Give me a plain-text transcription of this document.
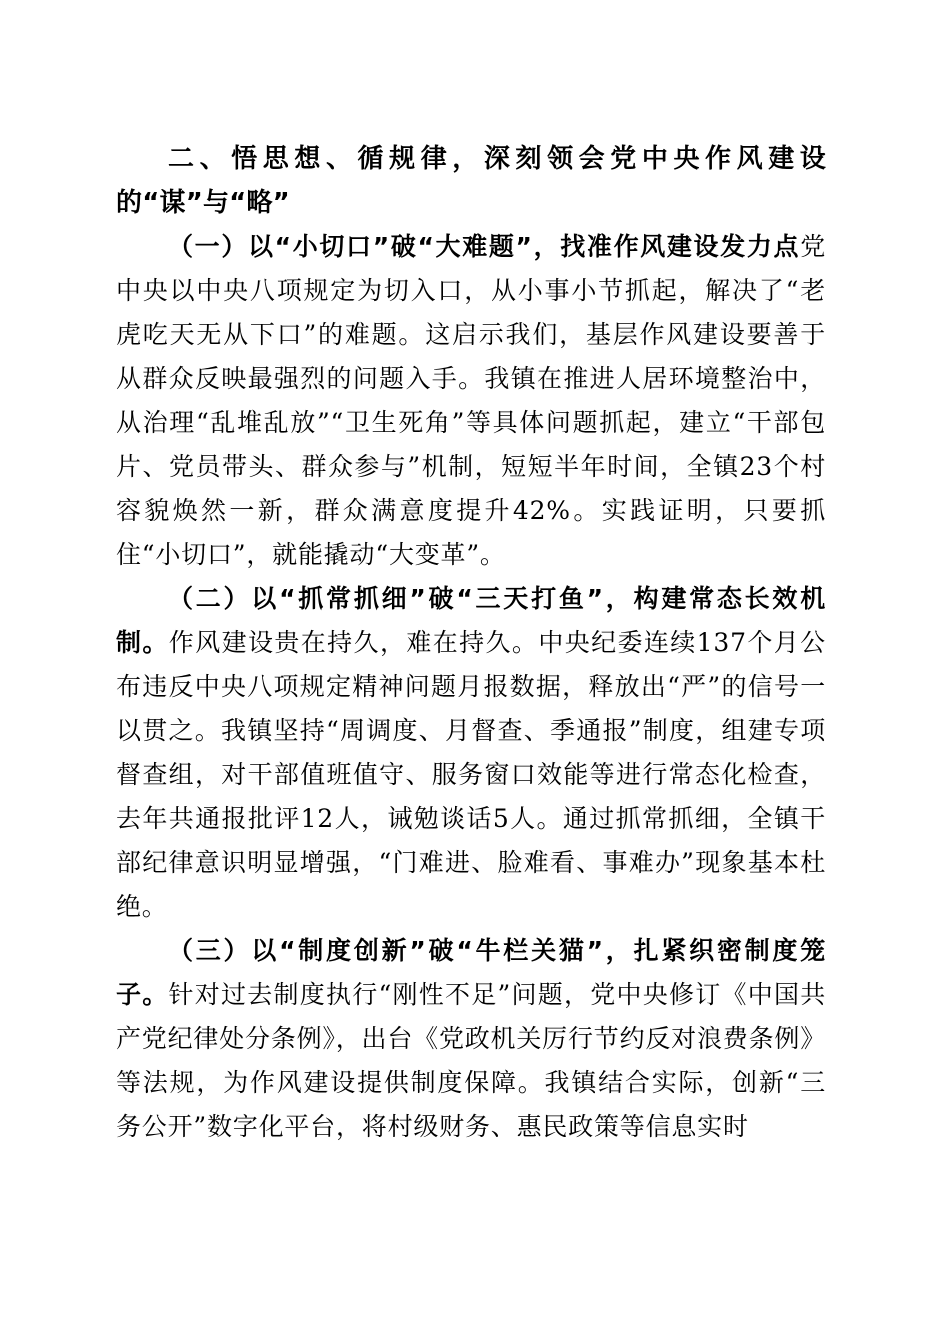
二、悟思想、循规律，深刻领会党中央作风建设的“谋”与“略”

（一）以“小切口”破“大难题”，找准作风建设发力点党中央以中央八项规定为切入口，从小事小节抓起，解决了“老虎吃天无从下口”的难题。这启示我们，基层作风建设要善于从群众反映最强烈的问题入手。我镇在推进人居环境整治中，从治理“乱堆乱放”“卫生死角”等具体问题抓起，建立“干部包片、党员带头、群众参与”机制，短短半年时间，全镇23个村容貌焕然一新，群众满意度提升42%。实践证明，只要抓住“小切口”，就能撬动“大变革”。

（二）以“抓常抓细”破“三天打鱼”，构建常态长效机制。作风建设贵在持久，难在持久。中央纪委连续137个月公布违反中央八项规定精神问题月报数据，释放出“严”的信号一以贯之。我镇坚持“周调度、月督查、季通报”制度，组建专项督查组，对干部值班值守、服务窗口效能等进行常态化检查，去年共通报批评12人，诫勉谈话5人。通过抓常抓细，全镇干部纪律意识明显增强，“门难进、脸难看、事难办”现象基本杜绝。

（三）以“制度创新”破“牛栏关猫”，扎紧织密制度笼子。针对过去制度执行“刚性不足”问题，党中央修订《中国共产党纪律处分条例》，出台《党政机关厉行节约反对浪费条例》等法规，为作风建设提供制度保障。我镇结合实际，创新“三务公开”数字化平台，将村级财务、惠民政策等信息实时
